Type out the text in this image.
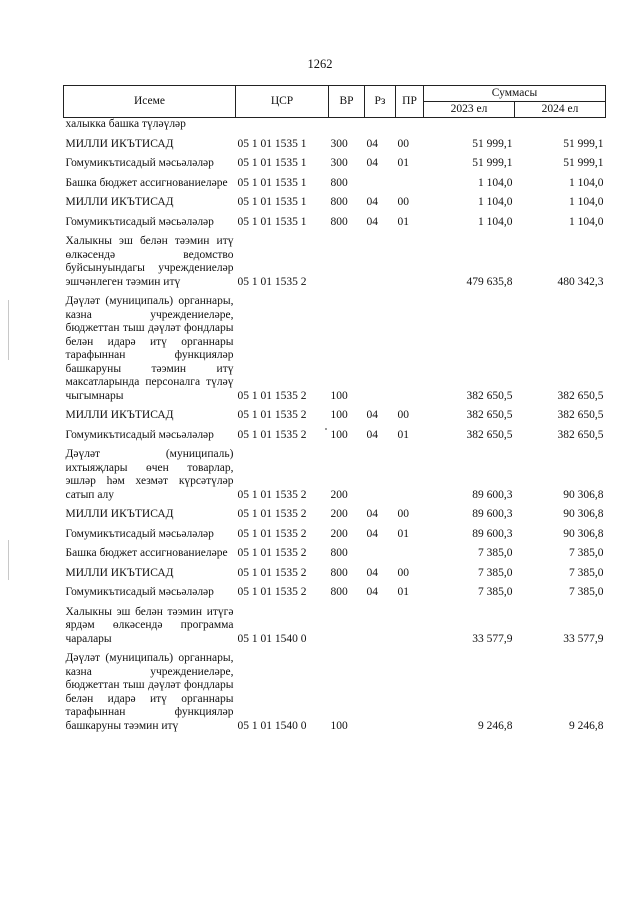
1262
Исеме	ЦСР	ВР	Рз	ПР	Суммасы	
					2023 ел	2024 ел
халыкка башка түләүләр						
МИЛЛИ ИКЪТИСАД	05 1 01 1535 1	300	04	00	51 999,1	51 999,1
Гомумикътисадый мәсьәләләр	05 1 01 1535 1	300	04	01	51 999,1	51 999,1
Башка бюджет ассигнованиеләре	05 1 01 1535 1	800			1 104,0	1 104,0
МИЛЛИ ИКЪТИСАД	05 1 01 1535 1	800	04	00	1 104,0	1 104,0
Гомумикътисадый мәсьәләләр	05 1 01 1535 1	800	04	01	1 104,0	1 104,0
Халыкны эш белән тәэмин итү өлкәсендә ведомство буйсынуындагы учреждениеләр эшчәнлеген тәэмин итү	05 1 01 1535 2				479 635,8	480 342,3
Дәүләт (муниципаль) органнары, казна учреждениеләре, бюджеттан тыш дәүләт фондлары белән идарә итү органнары тарафыннан функцияләр башкаруны тәэмин итү максатларында персоналга түләү чыгымнары	05 1 01 1535 2	100			382 650,5	382 650,5
МИЛЛИ ИКЪТИСАД	05 1 01 1535 2	100	04	00	382 650,5	382 650,5
Гомумикътисадый мәсьәләләр	05 1 01 1535 2	100	04	01	382 650,5	382 650,5
Дәүләт (муниципаль) ихтыяҗлары өчен товарлар, эшләр һәм хезмәт күрсәтүләр сатып алу	05 1 01 1535 2	200			89 600,3	90 306,8
МИЛЛИ ИКЪТИСАД	05 1 01 1535 2	200	04	00	89 600,3	90 306,8
Гомумикътисадый мәсьәләләр	05 1 01 1535 2	200	04	01	89 600,3	90 306,8
Башка бюджет ассигнованиеләре	05 1 01 1535 2	800			7 385,0	7 385,0
МИЛЛИ ИКЪТИСАД	05 1 01 1535 2	800	04	00	7 385,0	7 385,0
Гомумикътисадый мәсьәләләр	05 1 01 1535 2	800	04	01	7 385,0	7 385,0
Халыкны эш белән тәэмин итүгә ярдәм өлкәсендә программа чаралары	05 1 01 1540 0				33 577,9	33 577,9
Дәүләт (муниципаль) органнары, казна учреждениеләре, бюджеттан тыш дәүләт фондлары белән идарә итү органнары тарафыннан функцияләр башкаруны тәэмин итү	05 1 01 1540 0	100			9 246,8	9 246,8
